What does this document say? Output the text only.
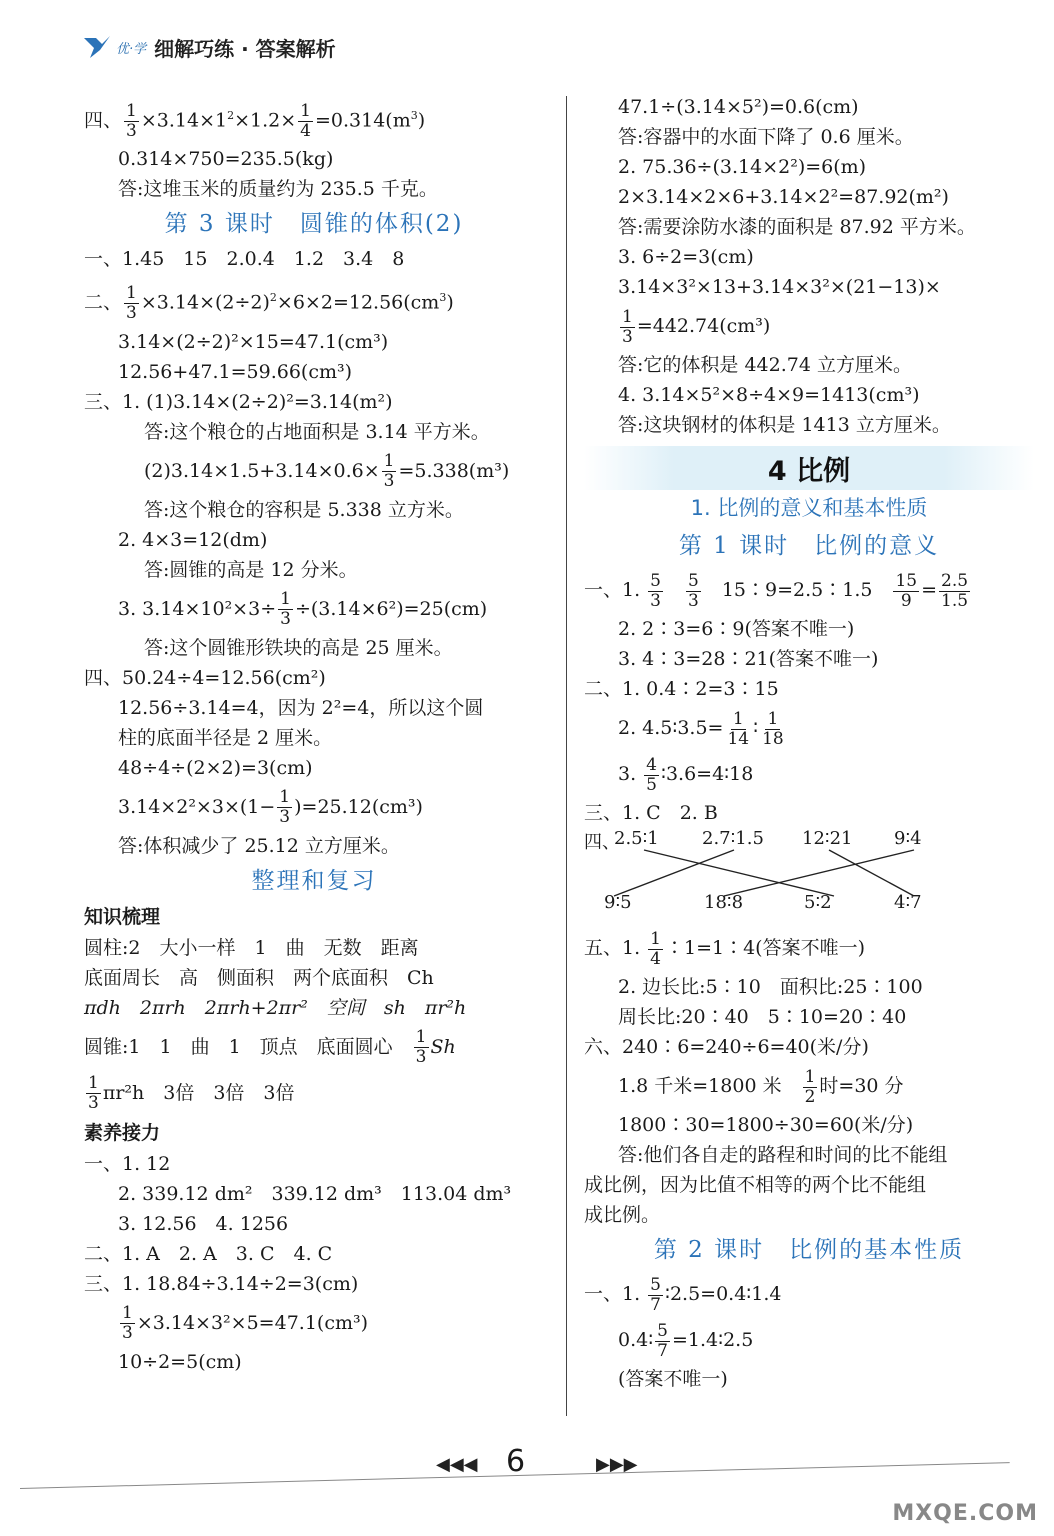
优·学 细解巧练 · 答案解析
四、 $\frac{1}{3} \times 3.14\times 1^2\times 1.2\times \frac{1}{4} =0.314(m^3)$
0.314×750=235.5(kg)
答:这堆玉米的质量约为 235.5 千克。
第 3 课时　圆锥的体积(2)
一、1.45　15　2.0.4　1.2　3.4　8
二、 $\frac{1}{3} \times 3.14\times(2\div 2)^2\times 6\times 2=12.56(cm^3)$
3.14×(2÷2)²×15=47.1(cm³)
12.56+47.1=59.66(cm³)
三、1. (1)3.14×(2÷2)²=3.14(m²)
答:这个粮仓的占地面积是 3.14 平方米。
$(2)3.14\times 1.5+3.14\times 0.6\times \frac{1}{3} =5.338(m^3)$
答:这个粮仓的容积是 5.338 立方米。
2. 4×3=12(dm)
答:圆锥的高是 12 分米。
3. $3.14\times 10^2\times 3\div \frac{1}{3} \div(3.14\times 6^2)=25(cm)$
答:这个圆锥形铁块的高是 25 厘米。
四、50.24÷4=12.56(cm²)
12.56÷3.14=4，因为 2²=4，所以这个圆
柱的底面半径是 2 厘米。
48÷4÷(2×2)=3(cm)
$3.14\times 2^2\times 3\times(1- \frac{1}{3} )=25.12(cm^3)$
答:体积减少了 25.12 立方厘米。
整理和复习
知识梳理
圆柱:2　大小一样　1　曲　无数　距离
底面周长　高　侧面积　两个底面积　Ch
πdh　2πrh　2πrh+2πr²　空间　sh　πr²h
圆锥:1　1　曲　1　顶点　底面圆心　 $\frac{1}{3}$ Sh
$\frac{1}{3} \pi r^2h$　3倍　3倍　3倍
素养接力
一、1. 12
2. 339.12 dm²　339.12 dm³　113.04 dm³
3. 12.56　4. 1256
二、1. A　2. A　3. C　4. C
三、1. 18.84÷3.14÷2=3(cm)
$\frac{1}{3} \times 3.14\times 3^2\times 5=47.1(cm^3)$
10÷2=5(cm)
47.1÷(3.14×5²)=0.6(cm)
答:容器中的水面下降了 0.6 厘米。
2. 75.36÷(3.14×2²)=6(m)
2×3.14×2×6+3.14×2²=87.92(m²)
答:需要涂防水漆的面积是 87.92 平方米。
3. 6÷2=3(cm)
3.14×3²×13+3.14×3²×(21−13)×
$\frac{1}{3} =442.74(cm^3)$
答:它的体积是 442.74 立方厘米。
4. 3.14×5²×8÷4×9=1413(cm³)
答:这块钢材的体积是 1413 立方厘米。
4 比例
1. 比例的意义和基本性质
第 1 课时　比例的意义
一、1. $\frac{5}{3}$
　 $\frac{5}{3}$ 　15∶9=2.5∶1.5　 $\frac{15}{9} = \frac{2.5}{1.5}$
2. 2∶3=6∶9(答案不唯一)
3. 4∶3=28∶21(答案不唯一)
二、1. 0.4∶2=3∶15
2. 4.5∶3.5= $\frac{1}{14}$ ∶ $\frac{1}{18}$
3. $\frac{4}{5}$ ∶3.6=4∶18
三、1. C　2. B
四、
2.5∶1 2.7∶1.5 12∶21 9∶4
9∶5	18∶8	5∶2	4∶7
五、1. $\frac{1}{4}$ ∶1=1∶4(答案不唯一)
2. 边长比:5∶10　面积比:25∶100
周长比:20∶40　5∶10=20∶40
六、240∶6=240÷6=40(米/分)
1.8 千米=1800 米　 $\frac{1}{2}$ 时=30 分
1800∶30=1800÷30=60(米/分)
答:他们各自走的路程和时间的比不能组
成比例，因为比值不相等的两个比不能组
成比例。
第 2 课时　比例的基本性质
一、1. $\frac{5}{7}$ ∶2.5=0.4∶1.4
0.4∶ $\frac{5}{7}$ =1.4∶2.5
(答案不唯一)
◀◀◀ 6	▶▶▶
MXQE.COM
